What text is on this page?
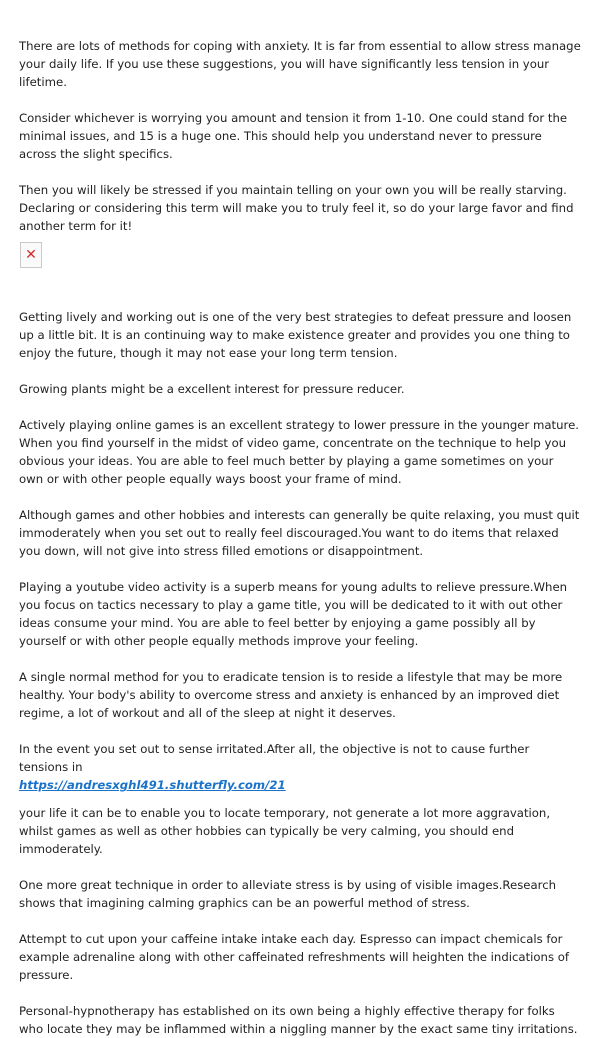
There are lots of methods for coping with anxiety. It is far from essential to allow stress manage your daily life. If you use these suggestions, you will have significantly less tension in your lifetime.

Consider whichever is worrying you amount and tension it from 1-10. One could stand for the minimal issues, and 15 is a huge one. This should help you understand never to pressure across the slight specifics.

Then you will likely be stressed if you maintain telling on your own you will be really starving. Declaring or considering this term will make you to truly feel it, so do your large favor and find another term for it!

✕

Getting lively and working out is one of the very best strategies to defeat pressure and loosen up a little bit. It is an continuing way to make existence greater and provides you one thing to enjoy the future, though it may not ease your long term tension.

Growing plants might be a excellent interest for pressure reducer.

Actively playing online games is an excellent strategy to lower pressure in the younger mature. When you find yourself in the midst of video game, concentrate on the technique to help you obvious your ideas. You are able to feel much better by playing a game sometimes on your own or with other people equally ways boost your frame of mind.

Although games and other hobbies and interests can generally be quite relaxing, you must quit immoderately when you set out to really feel discouraged.You want to do items that relaxed you down, will not give into stress filled emotions or disappointment.

Playing a youtube video activity is a superb means for young adults to relieve pressure.When you focus on tactics necessary to play a game title, you will be dedicated to it with out other ideas consume your mind. You are able to feel better by enjoying a game possibly all by yourself or with other people equally methods improve your feeling.

A single normal method for you to eradicate tension is to reside a lifestyle that may be more healthy. Your body's ability to overcome stress and anxiety is enhanced by an improved diet regime, a lot of workout and all of the sleep at night it deserves.

In the event you set out to sense irritated.After all, the objective is not to cause further tensions in

https://andresxghl491.shutterfly.com/21

your life it can be to enable you to locate temporary, not generate a lot more aggravation, whilst games as well as other hobbies can typically be very calming, you should end immoderately.

One more great technique in order to alleviate stress is by using of visible images.Research shows that imagining calming graphics can be an powerful method of stress.

Attempt to cut upon your caffeine intake intake each day. Espresso can impact chemicals for example adrenaline along with other caffeinated refreshments will heighten the indications of pressure.

Personal-hypnotherapy has established on its own being a highly effective therapy for folks who locate they may be inflammed within a niggling manner by the exact same tiny irritations.
